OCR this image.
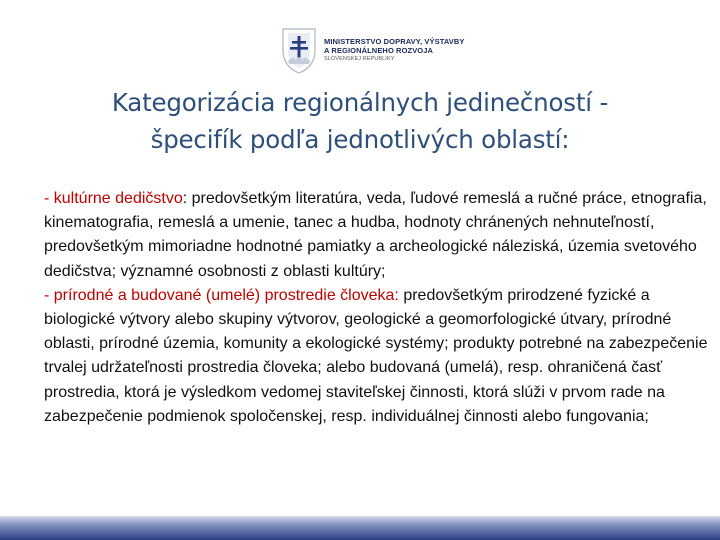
MINISTERSTVO DOPRAVY, VÝSTAVBY
A REGIONÁLNEHO ROZVOJA
SLOVENSKEJ REPUBLIKY
Kategorizácia regionálnych jedinečností -
špecifík podľa jednotlivých oblastí:

- kultúrne dedičstvo: predovšetkým literatúra, veda, ľudové remeslá a ručné práce, etnografia, kinematografia, remeslá a umenie, tanec a hudba, hodnoty chránených nehnuteľností, predovšetkým mimoriadne hodnotné pamiatky a archeologické náleziská, územia svetového dedičstva; významné osobnosti z oblasti kultúry;

- prírodné a budované (umelé) prostredie človeka: predovšetkým prirodzené fyzické a biologické výtvory alebo skupiny výtvorov, geologické a geomorfologické útvary, prírodné oblasti, prírodné územia, komunity a ekologické systémy; produkty potrebné na zabezpečenie trvalej udržateľnosti prostredia človeka; alebo budovaná (umelá), resp. ohraničená časť prostredia, ktorá je výsledkom vedomej staviteľskej činnosti, ktorá slúži v prvom rade na zabezpečenie podmienok spoločenskej, resp. individuálnej činnosti alebo fungovania;
